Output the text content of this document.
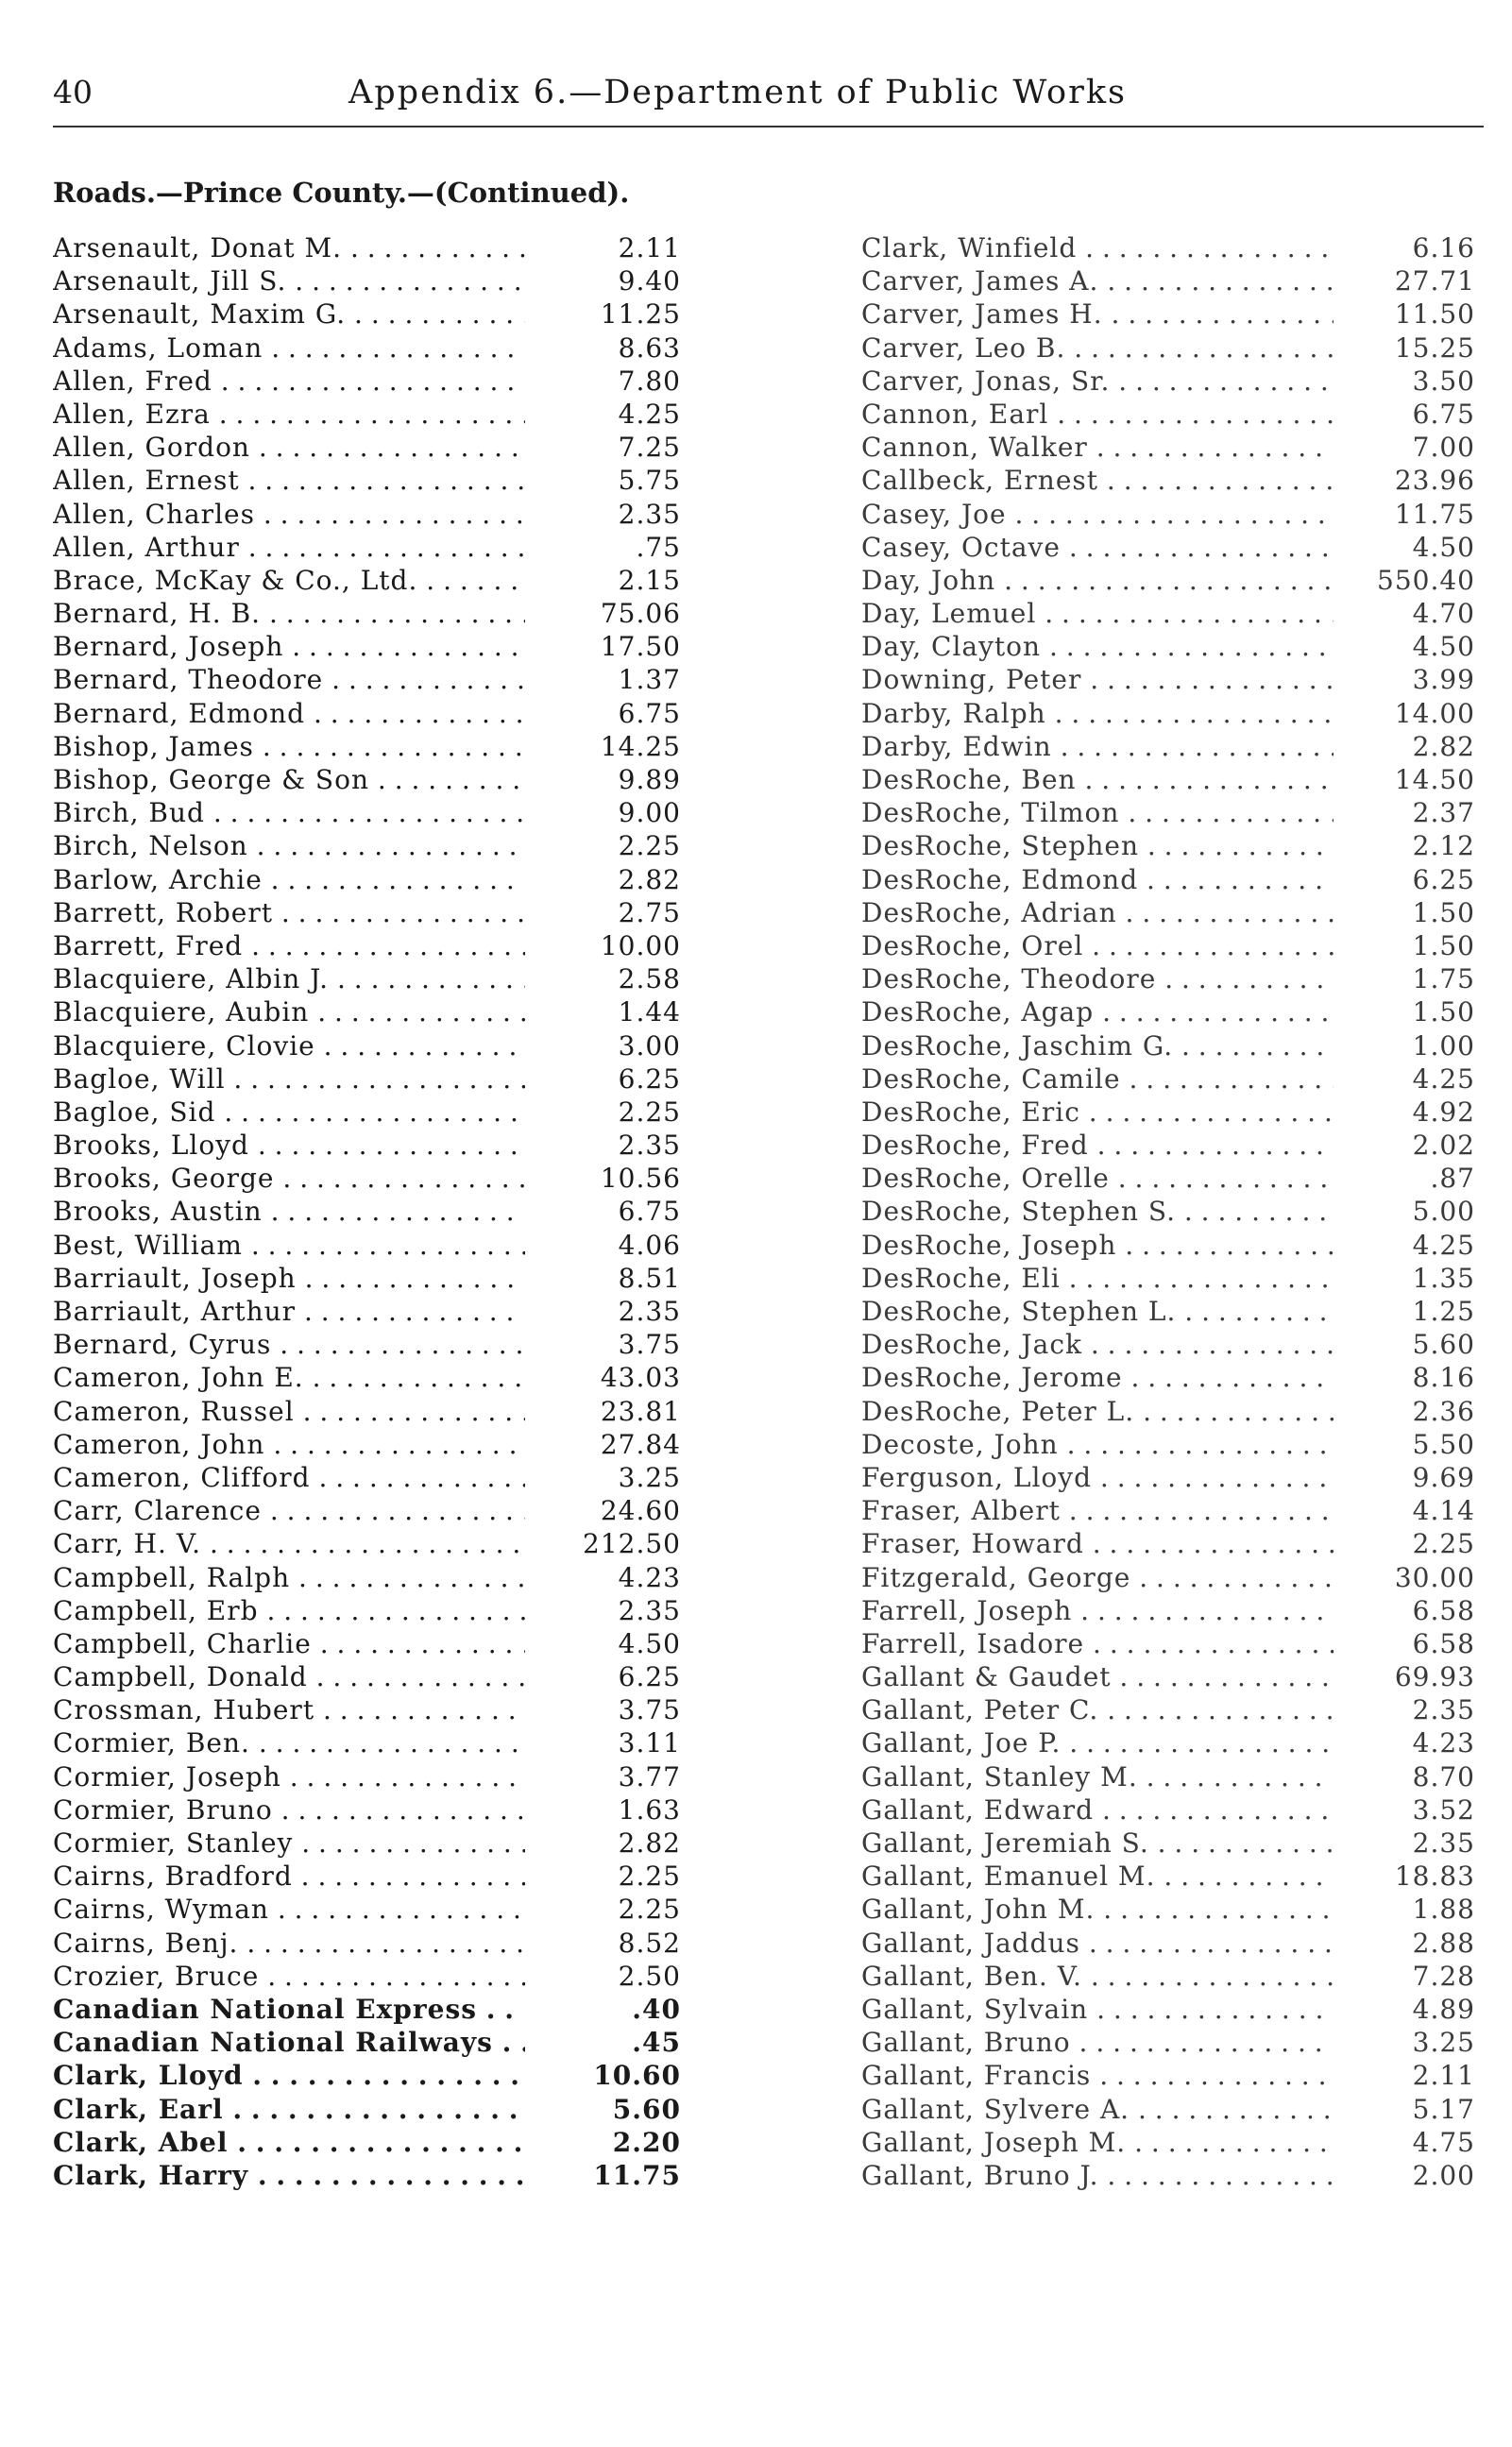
40	Appendix 6.—Department of Public Works
Roads.—Prince County.—(Continued).
Arsenault, Donat M. . . .	2.11
Arsenault, Jill S. . . .	9.40
Arsenault, Maxim G. . . .	11.25
Adams, Loman . . .	8.63
Allen, Fred . . .	7.80
Allen, Ezra . . .	4.25
Allen, Gordon . . .	7.25
Allen, Ernest . . .	5.75
Allen, Charles . . .	2.35
Allen, Arthur . . .	.75
Brace, McKay & Co., Ltd. . . .	2.15
Bernard, H. B. . . .	75.06
Bernard, Joseph . . .	17.50
Bernard, Theodore . . .	1.37
Bernard, Edmond . . .	6.75
Bishop, James . . .	14.25
Bishop, George & Son . . .	9.89
Birch, Bud . . .	9.00
Birch, Nelson . . .	2.25
Barlow, Archie . . .	2.82
Barrett, Robert . . .	2.75
Barrett, Fred . . .	10.00
Blacquiere, Albin J. . . .	2.58
Blacquiere, Aubin . . .	1.44
Blacquiere, Clovie . . .	3.00
Bagloe, Will . . .	6.25
Bagloe, Sid . . .	2.25
Brooks, Lloyd . . .	2.35
Brooks, George . . .	10.56
Brooks, Austin . . .	6.75
Best, William . . .	4.06
Barriault, Joseph . . .	8.51
Barriault, Arthur . . .	2.35
Bernard, Cyrus . . .	3.75
Cameron, John E. . . .	43.03
Cameron, Russel . . .	23.81
Cameron, John . . .	27.84
Cameron, Clifford . . .	3.25
Carr, Clarence . . .	24.60
Carr, H. V. . . .	212.50
Campbell, Ralph . . .	4.23
Campbell, Erb . . .	2.35
Campbell, Charlie . . .	4.50
Campbell, Donald . . .	6.25
Crossman, Hubert . . .	3.75
Cormier, Ben. . . .	3.11
Cormier, Joseph . . .	3.77
Cormier, Bruno . . .	1.63
Cormier, Stanley . . .	2.82
Cairns, Bradford . . .	2.25
Cairns, Wyman . . .	2.25
Cairns, Benj. . . .	8.52
Crozier, Bruce . . .	2.50
Canadian National Express . . .	.40
Canadian National Railways . . .	.45
Clark, Lloyd . . .	10.60
Clark, Earl . . .	5.60
Clark, Abel . . .	2.20
Clark, Harry . . .	11.75
Clark, Winfield . . .	6.16
Carver, James A. . . .	27.71
Carver, James H. . . .	11.50
Carver, Leo B. . . .	15.25
Carver, Jonas, Sr. . . .	3.50
Cannon, Earl . . .	6.75
Cannon, Walker . . .	7.00
Callbeck, Ernest . . .	23.96
Casey, Joe . . .	11.75
Casey, Octave . . .	4.50
Day, John . . .	550.40
Day, Lemuel . . .	4.70
Day, Clayton . . .	4.50
Downing, Peter . . .	3.99
Darby, Ralph . . .	14.00
Darby, Edwin . . .	2.82
DesRoche, Ben . . .	14.50
DesRoche, Tilmon . . .	2.37
DesRoche, Stephen . . .	2.12
DesRoche, Edmond . . .	6.25
DesRoche, Adrian . . .	1.50
DesRoche, Orel . . .	1.50
DesRoche, Theodore . . .	1.75
DesRoche, Agap . . .	1.50
DesRoche, Jaschim G. . . .	1.00
DesRoche, Camile . . .	4.25
DesRoche, Eric . . .	4.92
DesRoche, Fred . . .	2.02
DesRoche, Orelle . . .	.87
DesRoche, Stephen S. . . .	5.00
DesRoche, Joseph . . .	4.25
DesRoche, Eli . . .	1.35
DesRoche, Stephen L. . . .	1.25
DesRoche, Jack . . .	5.60
DesRoche, Jerome . . .	8.16
DesRoche, Peter L. . . .	2.36
Decoste, John . . .	5.50
Ferguson, Lloyd . . .	9.69
Fraser, Albert . . .	4.14
Fraser, Howard . . .	2.25
Fitzgerald, George . . .	30.00
Farrell, Joseph . . .	6.58
Farrell, Isadore . . .	6.58
Gallant & Gaudet . . .	69.93
Gallant, Peter C. . . .	2.35
Gallant, Joe P. . . .	4.23
Gallant, Stanley M. . . .	8.70
Gallant, Edward . . .	3.52
Gallant, Jeremiah S. . . .	2.35
Gallant, Emanuel M. . . .	18.83
Gallant, John M. . . .	1.88
Gallant, Jaddus . . .	2.88
Gallant, Ben. V. . . .	7.28
Gallant, Sylvain . . .	4.89
Gallant, Bruno . . .	3.25
Gallant, Francis . . .	2.11
Gallant, Sylvere A. . . .	5.17
Gallant, Joseph M. . . .	4.75
Gallant, Bruno J. . . .	2.00
